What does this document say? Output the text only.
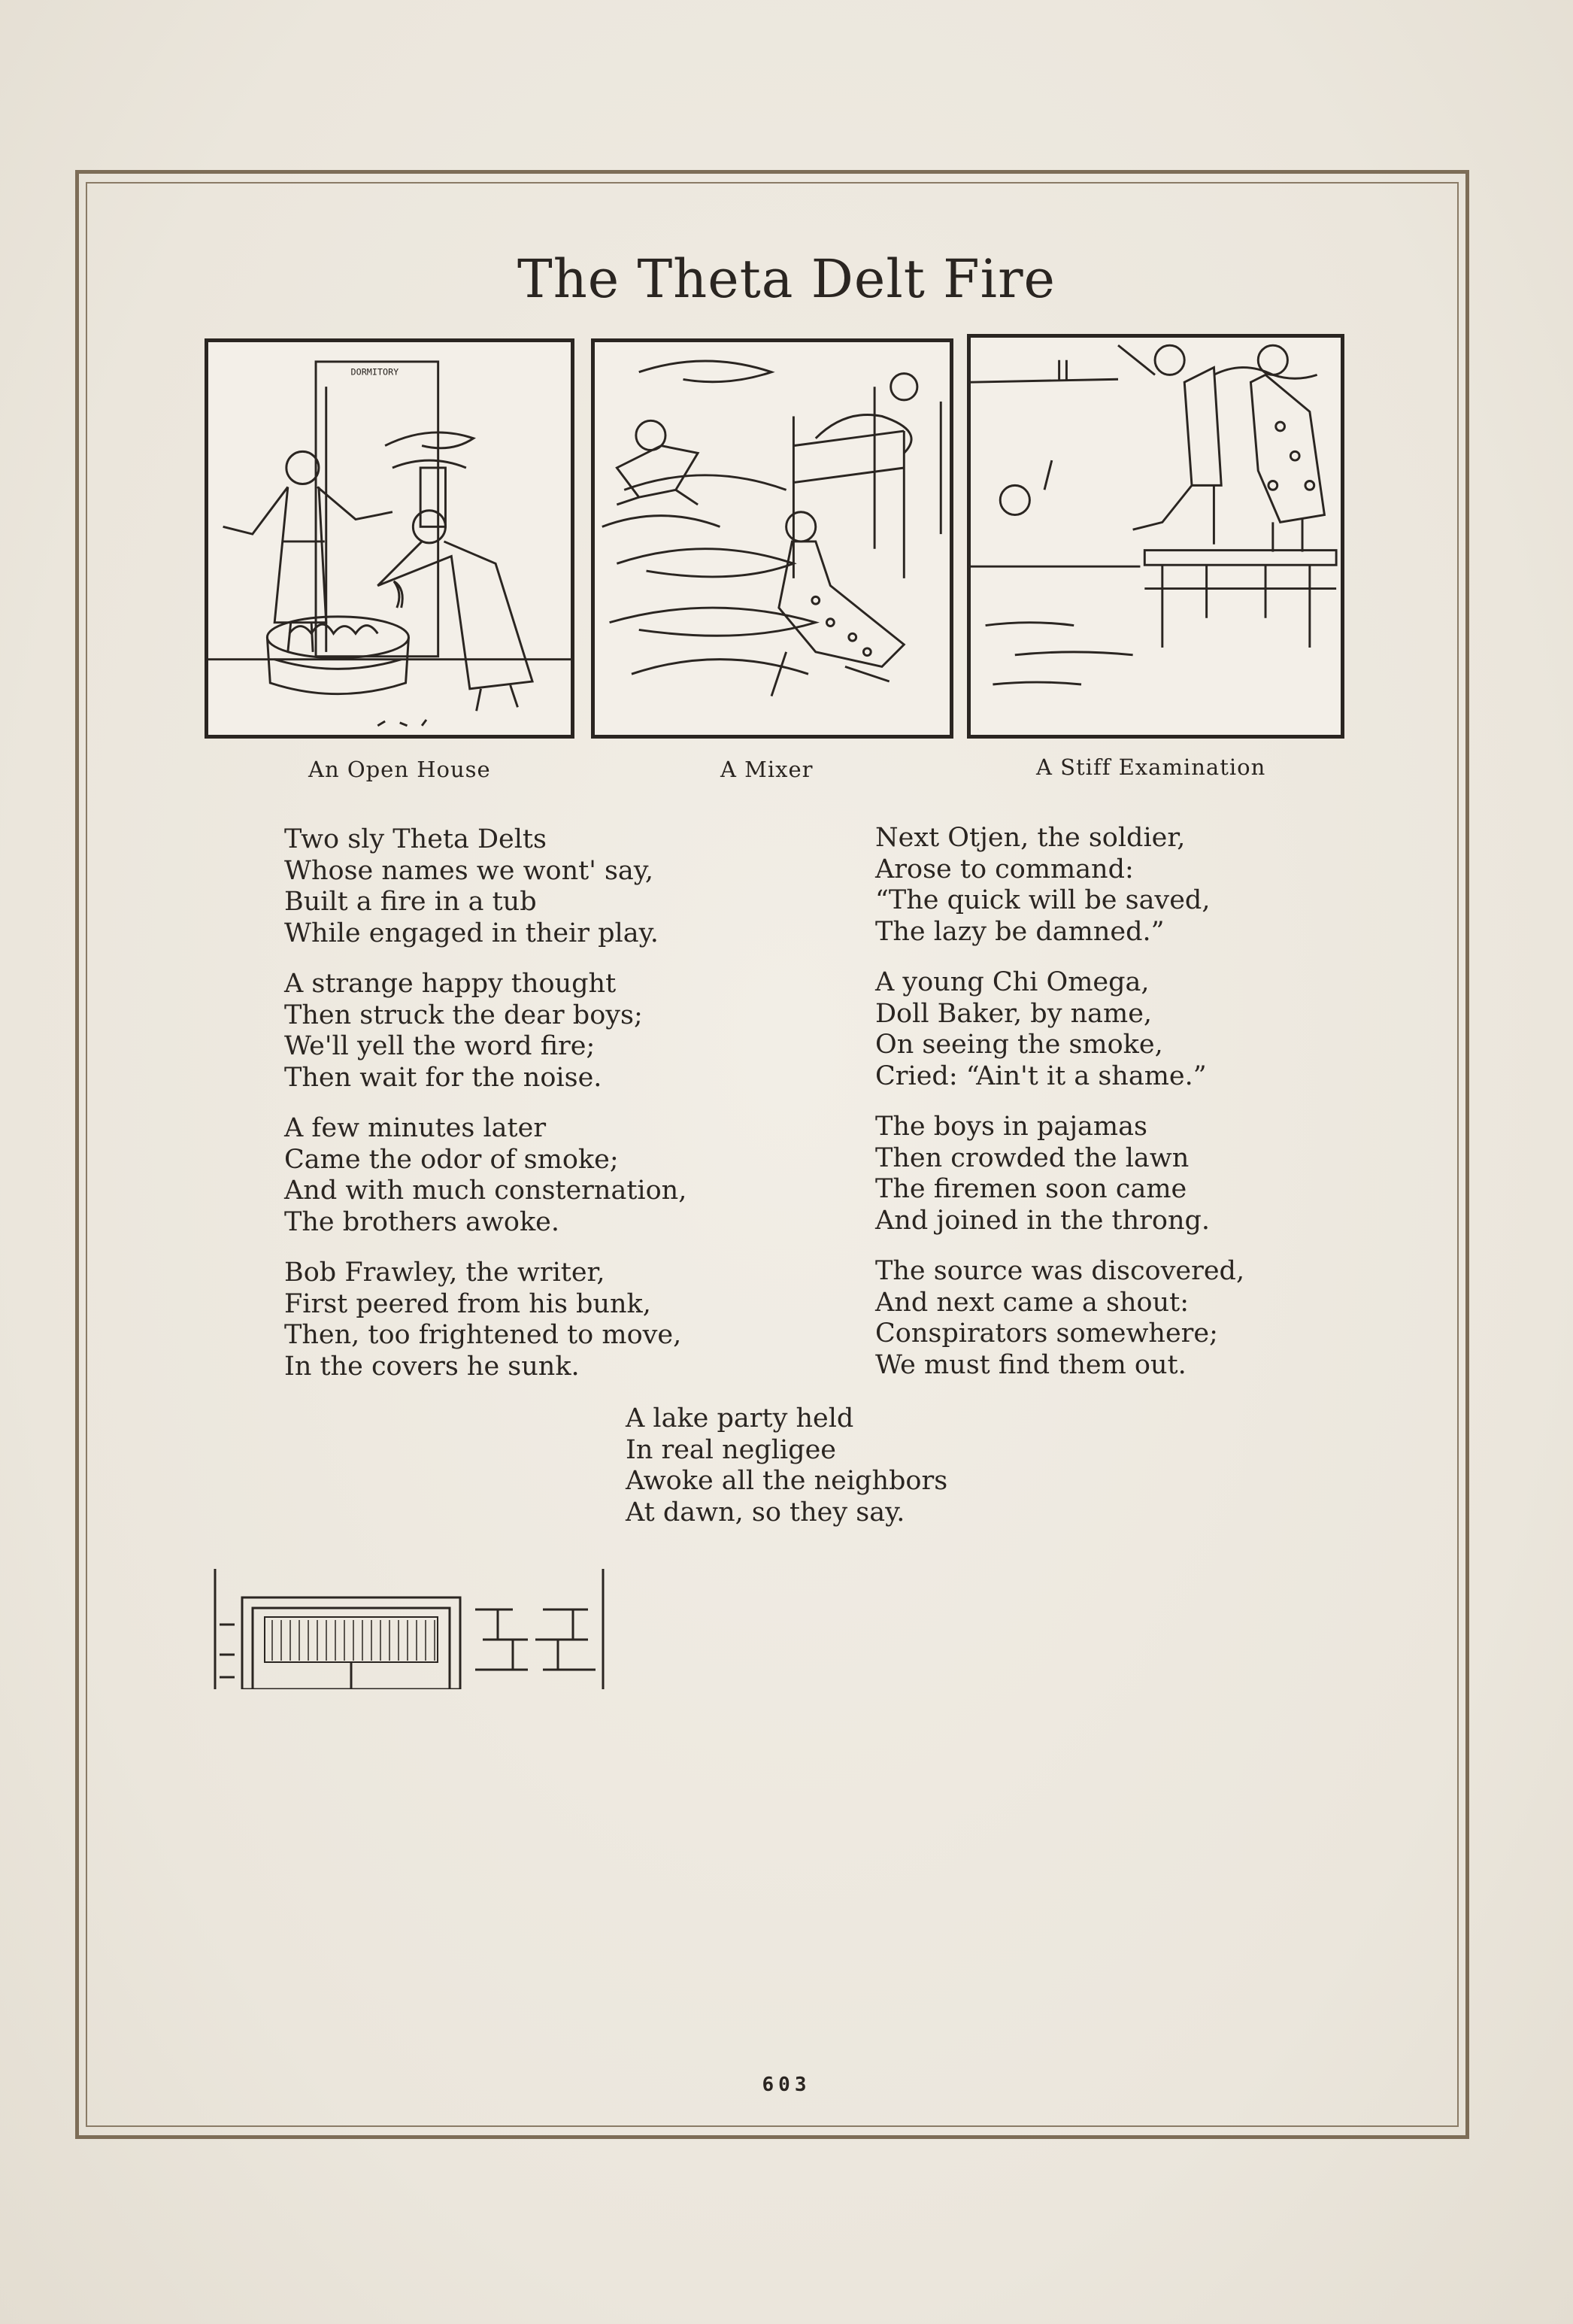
The Theta Delt Fire
DORMITORY
An Open House	A Mixer	A Stiff Examination
Two sly Theta Delts
Whose names we wont' say,
Built a fire in a tub
While engaged in their play.
A strange happy thought
Then struck the dear boys;
We'll yell the word fire;
Then wait for the noise.
A few minutes later
Came the odor of smoke;
And with much consternation,
The brothers awoke.
Bob Frawley, the writer,
First peered from his bunk,
Then, too frightened to move,
In the covers he sunk.
Next Otjen, the soldier,
Arose to command:
“The quick will be saved,
The lazy be damned.”
A young Chi Omega,
Doll Baker, by name,
On seeing the smoke,
Cried: “Ain't it a shame.”
The boys in pajamas
Then crowded the lawn
The firemen soon came
And joined in the throng.
The source was discovered,
And next came a shout:
Conspirators somewhere;
We must find them out.
A lake party held
In real negligee
Awoke all the neighbors
At dawn, so they say.
603
